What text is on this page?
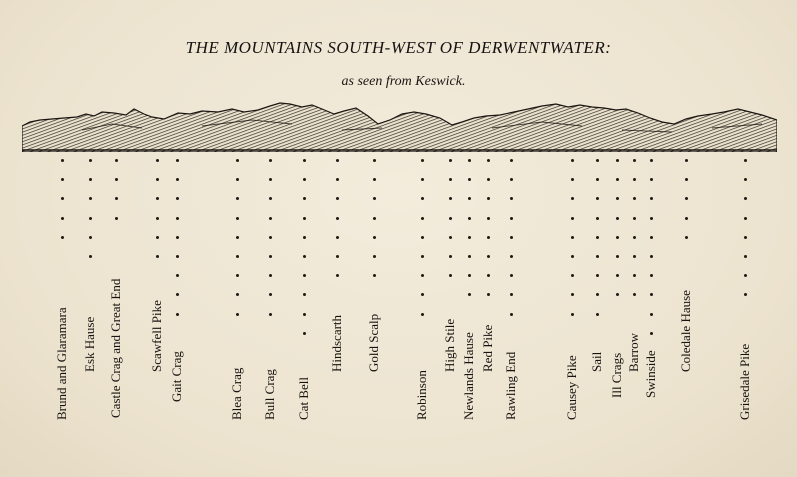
THE MOUNTAINS SOUTH-WEST OF DERWENTWATER:
as seen from Keswick.
Brund and Glaramara Esk Hause Castle Crag and Great End Scawfell Pike
Gait Crag	Blea Crag Bull Crag Cat Bell
Hindscarth Gold Scalp
Robinson
High Stile Newlands Hause Red Pike
Rawling End	Causey Pike Sail Ill Crags
Barrow Swinside
Coledale Hause
Grisedale Pike
